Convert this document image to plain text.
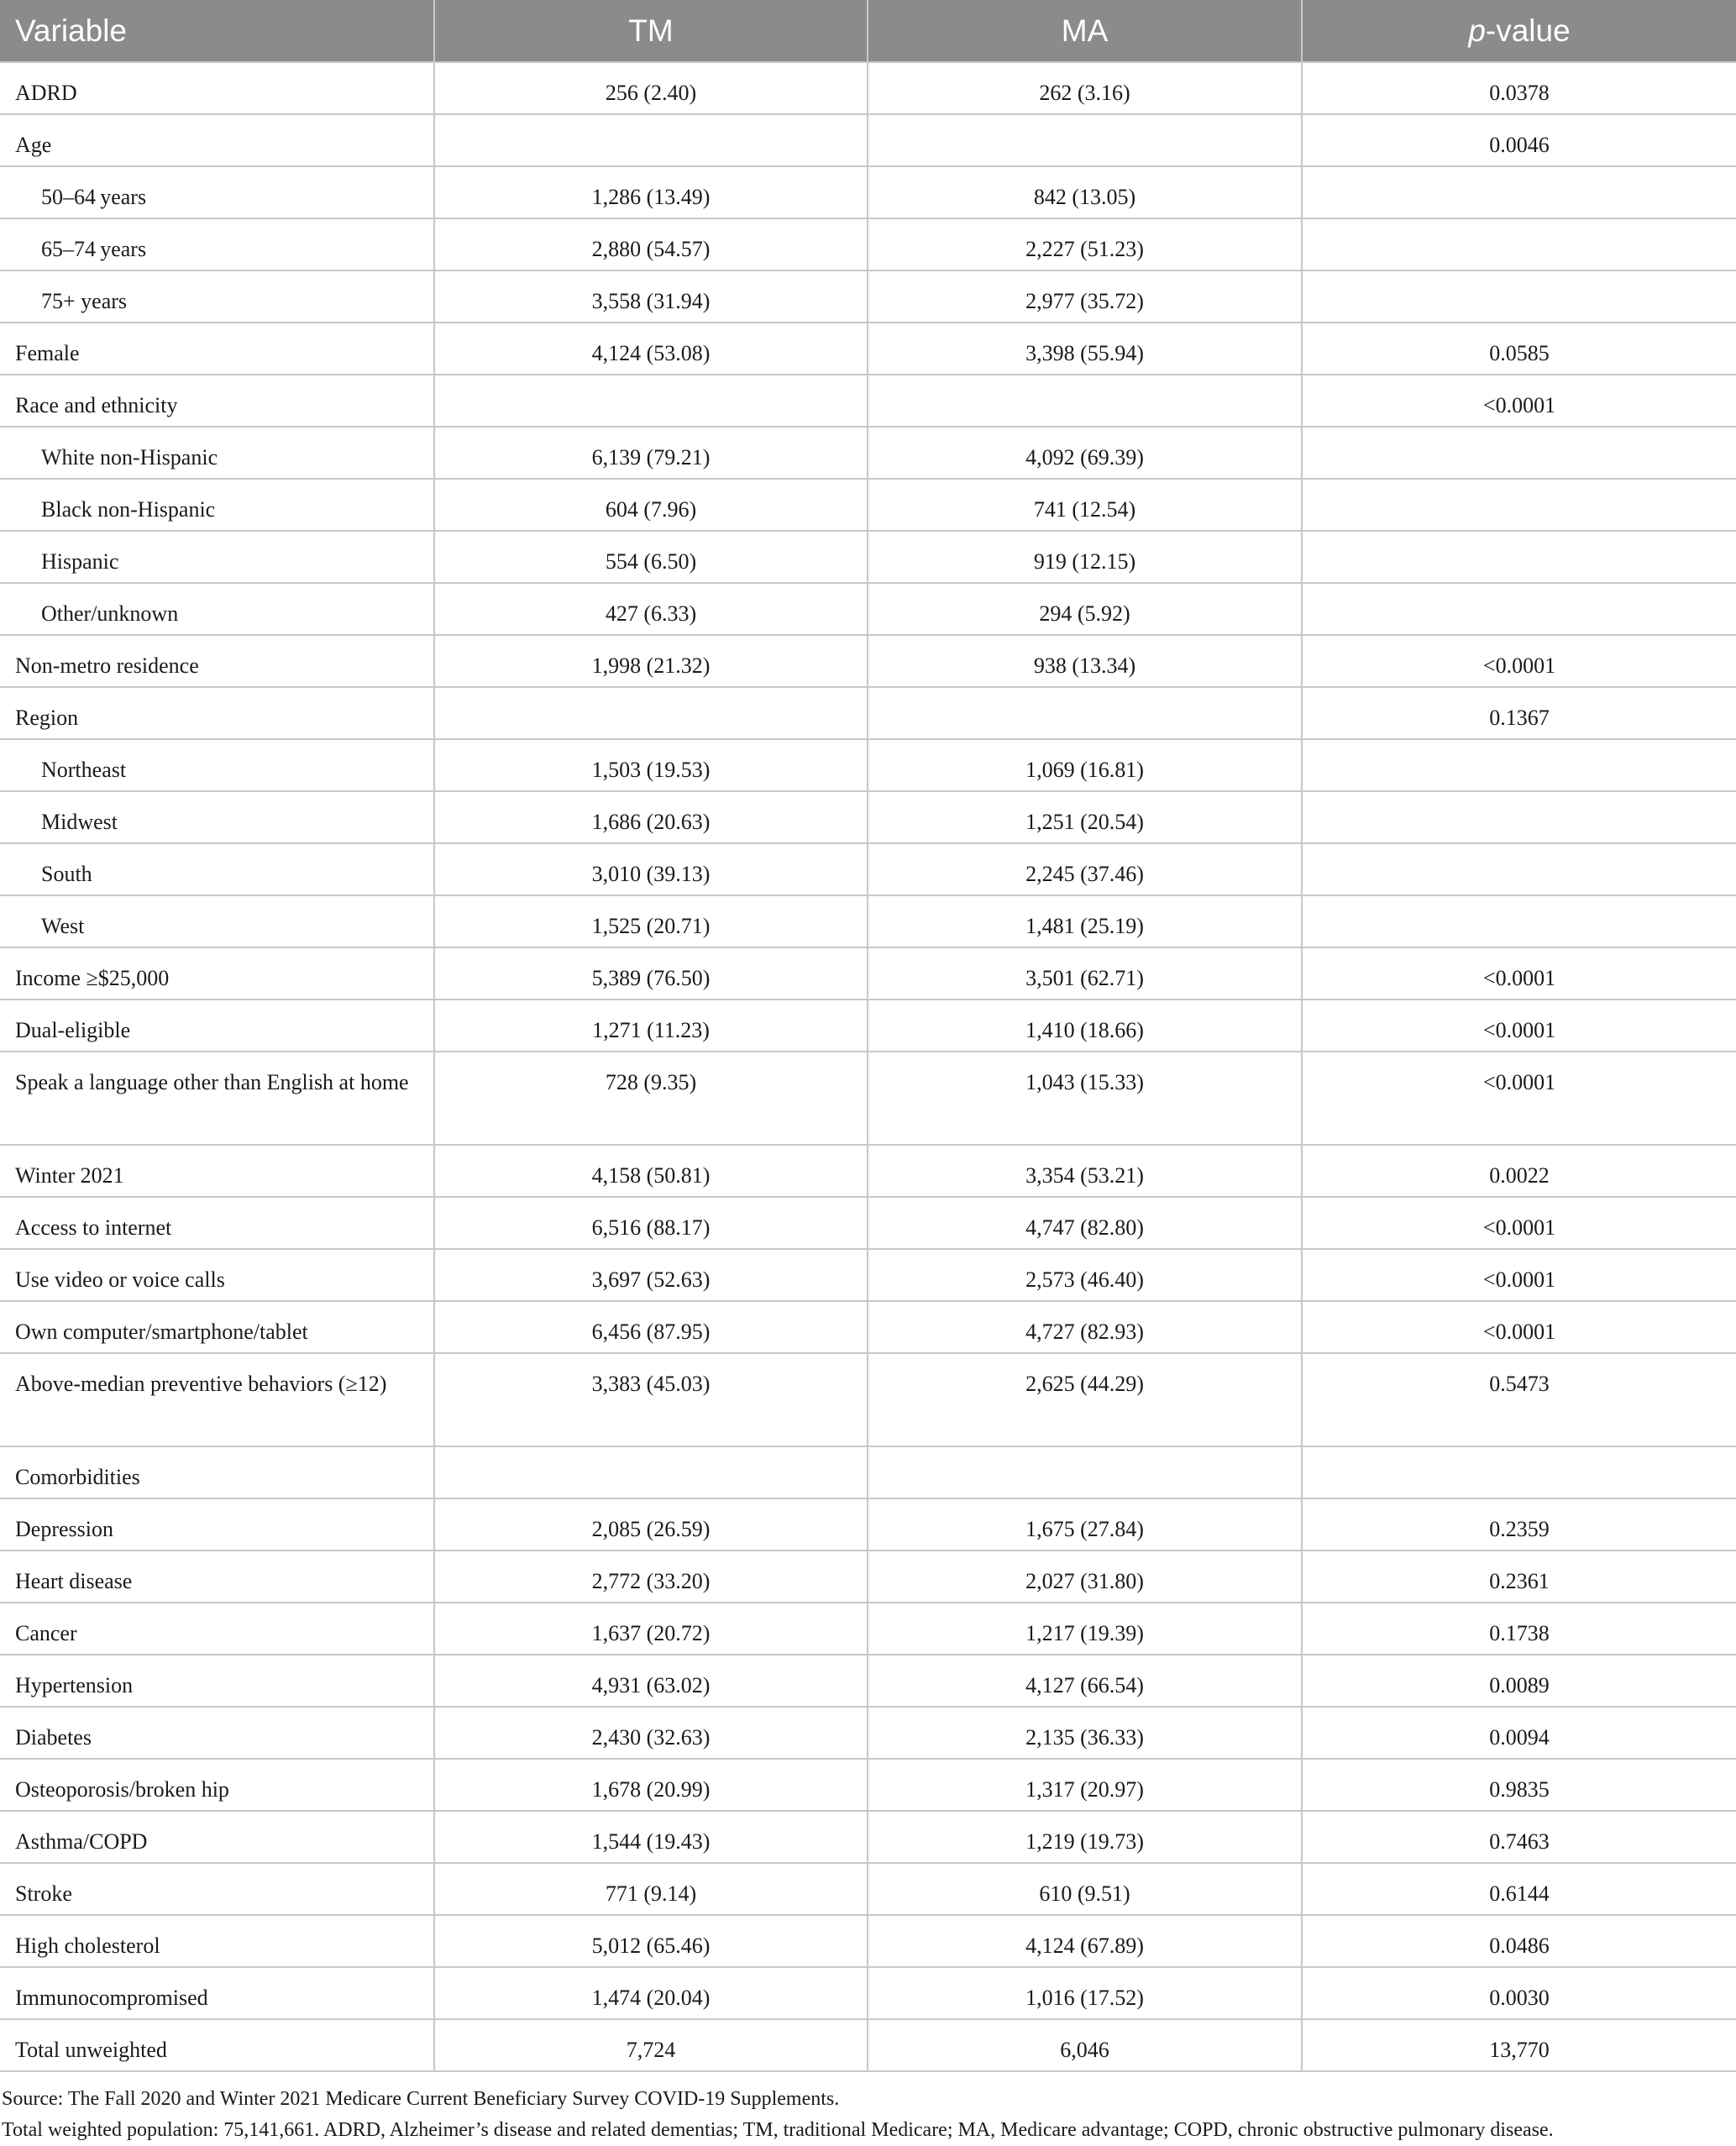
Variable	TM	MA	p-value
ADRD	256 (2.40)	262 (3.16)	0.0378
Age			0.0046
50–64 years	1,286 (13.49)	842 (13.05)	
65–74 years	2,880 (54.57)	2,227 (51.23)	
75+ years	3,558 (31.94)	2,977 (35.72)	
Female	4,124 (53.08)	3,398 (55.94)	0.0585
Race and ethnicity			<0.0001
White non-Hispanic	6,139 (79.21)	4,092 (69.39)	
Black non-Hispanic	604 (7.96)	741 (12.54)	
Hispanic	554 (6.50)	919 (12.15)	
Other/unknown	427 (6.33)	294 (5.92)	
Non-metro residence	1,998 (21.32)	938 (13.34)	<0.0001
Region			0.1367
Northeast	1,503 (19.53)	1,069 (16.81)	
Midwest	1,686 (20.63)	1,251 (20.54)	
South	3,010 (39.13)	2,245 (37.46)	
West	1,525 (20.71)	1,481 (25.19)	
Income ≥$25,000	5,389 (76.50)	3,501 (62.71)	<0.0001
Dual-eligible	1,271 (11.23)	1,410 (18.66)	<0.0001
Speak a language other than English at home	728 (9.35)	1,043 (15.33)	<0.0001
Winter 2021	4,158 (50.81)	3,354 (53.21)	0.0022
Access to internet	6,516 (88.17)	4,747 (82.80)	<0.0001
Use video or voice calls	3,697 (52.63)	2,573 (46.40)	<0.0001
Own computer/smartphone/tablet	6,456 (87.95)	4,727 (82.93)	<0.0001
Above-median preventive behaviors (≥12)	3,383 (45.03)	2,625 (44.29)	0.5473
Comorbidities			
Depression	2,085 (26.59)	1,675 (27.84)	0.2359
Heart disease	2,772 (33.20)	2,027 (31.80)	0.2361
Cancer	1,637 (20.72)	1,217 (19.39)	0.1738
Hypertension	4,931 (63.02)	4,127 (66.54)	0.0089
Diabetes	2,430 (32.63)	2,135 (36.33)	0.0094
Osteoporosis/broken hip	1,678 (20.99)	1,317 (20.97)	0.9835
Asthma/COPD	1,544 (19.43)	1,219 (19.73)	0.7463
Stroke	771 (9.14)	610 (9.51)	0.6144
High cholesterol	5,012 (65.46)	4,124 (67.89)	0.0486
Immunocompromised	1,474 (20.04)	1,016 (17.52)	0.0030
Total unweighted	7,724	6,046	13,770
Source: The Fall 2020 and Winter 2021 Medicare Current Beneficiary Survey COVID-19 Supplements.
Total weighted population: 75,141,661. ADRD, Alzheimer’s disease and related dementias; TM, traditional Medicare; MA, Medicare advantage; COPD, chronic obstructive pulmonary disease.
